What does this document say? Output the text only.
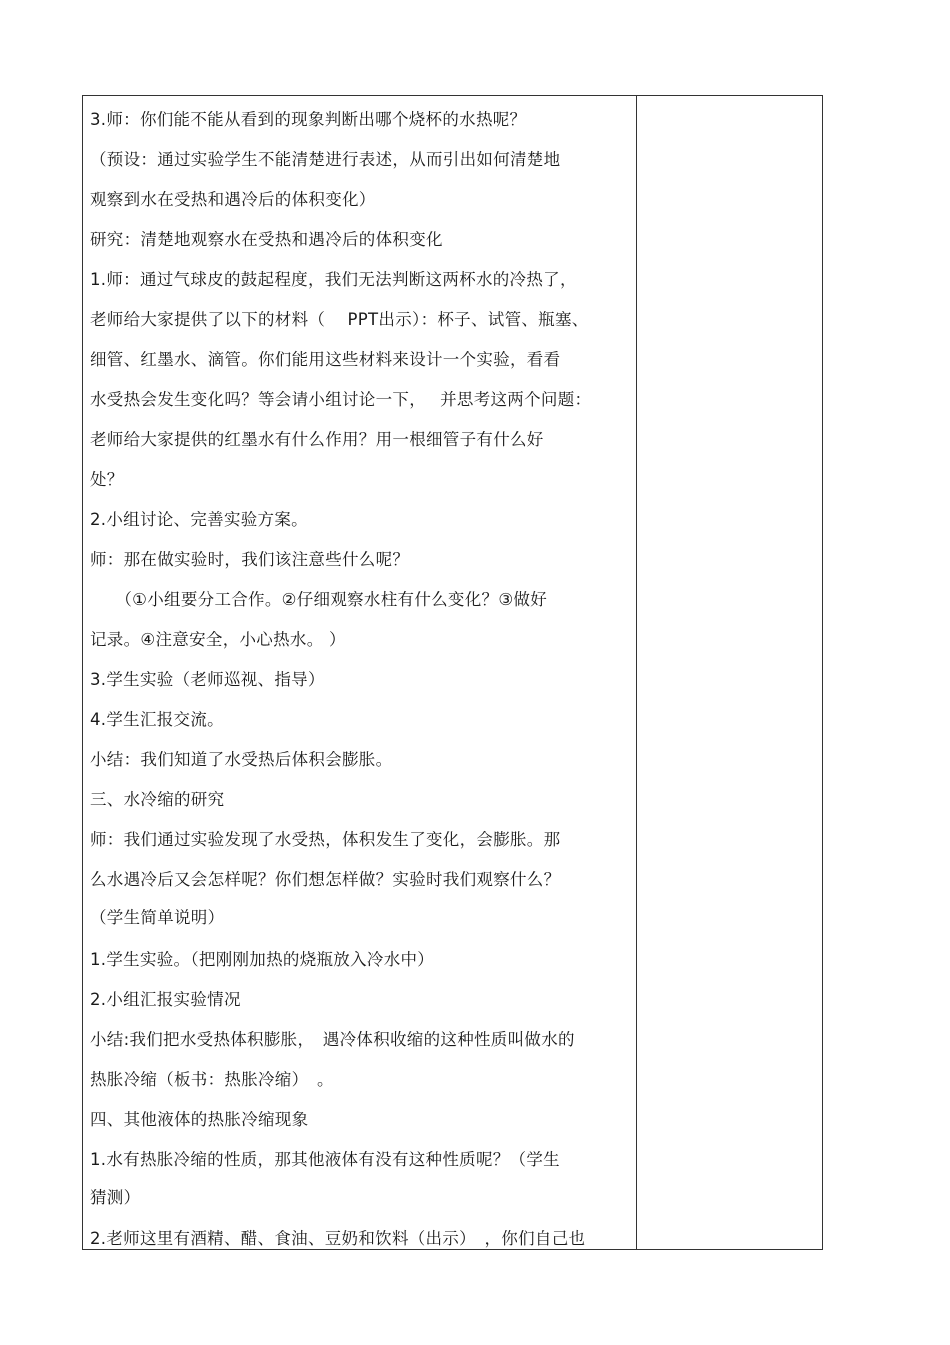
3.师：你们能不能从看到的现象判断出哪个烧杯的水热呢？
（预设：通过实验学生不能清楚进行表述，从而引出如何清楚地
观察到水在受热和遇冷后的体积变化）
研究：清楚地观察水在受热和遇冷后的体积变化
1.师：通过气球皮的鼓起程度，我们无法判断这两杯水的冷热了，
老师给大家提供了以下的材料（　 PPT出示）：杯子、试管、瓶塞、
细管、红墨水、滴管。你们能用这些材料来设计一个实验，看看
水受热会发生变化吗？等会请小组讨论一下，　 并思考这两个问题：
老师给大家提供的红墨水有什么作用？用一根细管子有什么好
处？
2.小组讨论、完善实验方案。
师：那在做实验时，我们该注意些什么呢？
　　（①小组要分工合作。②仔细观察水柱有什么变化？③做好
记录。④注意安全，小心热水。 ）
3.学生实验（老师巡视、指导）
4.学生汇报交流。
小结：我们知道了水受热后体积会膨胀。
三、水冷缩的研究
师：我们通过实验发现了水受热，体积发生了变化，会膨胀。那
么水遇冷后又会怎样呢？你们想怎样做？实验时我们观察什么？
（学生简单说明）
1.学生实验。（把刚刚加热的烧瓶放入冷水中）
2.小组汇报实验情况
小结:我们把水受热体积膨胀，　遇冷体积收缩的这种性质叫做水的
热胀冷缩（板书：热胀冷缩）　。
四、其他液体的热胀冷缩现象
1.水有热胀冷缩的性质，那其他液体有没有这种性质呢？（学生
猜测）
2.老师这里有酒精、醋、食油、豆奶和饮料（出示）　，你们自己也
